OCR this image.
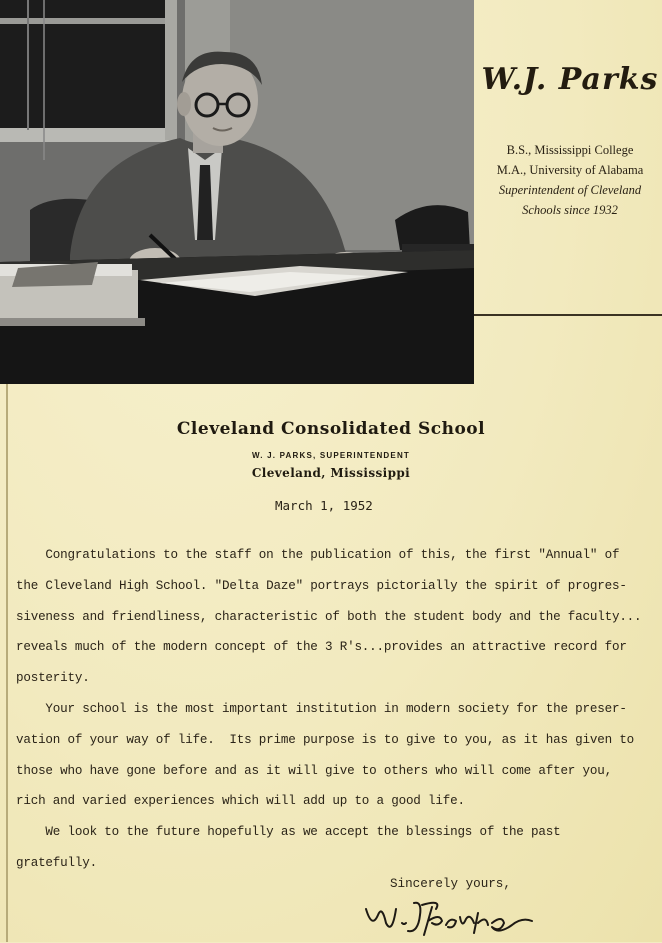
W.J. Parks
B.S., Mississippi College
M.A., University of Alabama
Superintendent of Cleveland
Schools since 1932
Cleveland Consolidated School
W. J. PARKS, SUPERINTENDENT
Cleveland, Mississippi
March 1, 1952

Congratulations to the staff on the publication of this, the first "Annual" of

the Cleveland High School. "Delta Daze" portrays pictorially the spirit of progres-

siveness and friendliness, characteristic of both the student body and the faculty...

reveals much of the modern concept of the 3 R's...provides an attractive record for

posterity.

Your school is the most important institution in modern society for the preser-

vation of your way of life.  Its prime purpose is to give to you, as it has given to

those who have gone before and as it will give to others who will come after you,

rich and varied experiences which will add up to a good life.

We look to the future hopefully as we accept the blessings of the past

gratefully.

Sincerely yours,
